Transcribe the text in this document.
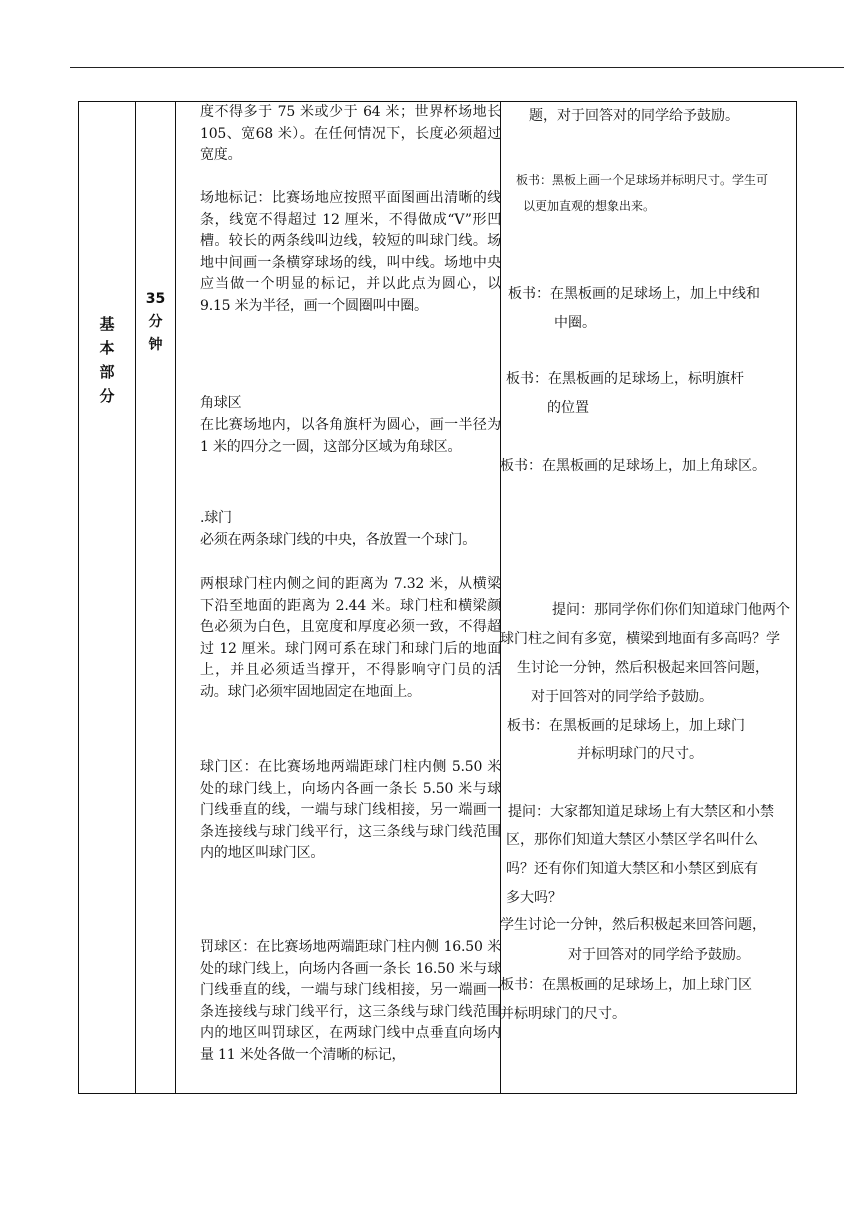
基
本
部
分
35
分
钟
度不得多于 75 米或少于 64 米；世界杯场地长 105、宽68 米）。在任何情况下，长度必须超过宽度。
场地标记：比赛场地应按照平面图画出清晰的线条，线宽不得超过 12 厘米，不得做成“V”形凹槽。较长的两条线叫边线，较短的叫球门线。场地中间画一条横穿球场的线，叫中线。场地中央应当做一个明显的标记，并以此点为圆心，以 9.15 米为半径，画一个圆圈叫中圈。
角球区
在比赛场地内，以各角旗杆为圆心，画一半径为 1 米的四分之一圆，这部分区域为角球区。
.球门
必须在两条球门线的中央，各放置一个球门。
两根球门柱内侧之间的距离为 7.32 米，从横梁下沿至地面的距离为 2.44 米。球门柱和横梁颜色必须为白色，且宽度和厚度必须一致，不得超过 12 厘米。球门网可系在球门和球门后的地面上，并且必须适当撑开，不得影响守门员的活动。球门必须牢固地固定在地面上。
球门区：在比赛场地两端距球门柱内侧 5.50 米处的球门线上，向场内各画一条长 5.50 米与球门线垂直的线，一端与球门线相接，另一端画一条连接线与球门线平行，这三条线与球门线范围内的地区叫球门区。
罚球区：在比赛场地两端距球门柱内侧 16.50 米处的球门线上，向场内各画一条长 16.50 米与球门线垂直的线，一端与球门线相接，另一端画一条连接线与球门线平行，这三条线与球门线范围内的地区叫罚球区，在两球门线中点垂直向场内量 11 米处各做一个清晰的标记，
题，对于回答对的同学给予鼓励。
板书：黑板上画一个足球场并标明尺寸。学生可
以更加直观的想象出来。
板书：在黑板画的足球场上，加上中线和
中圈。
板书：在黑板画的足球场上，标明旗杆
的位置
板书：在黑板画的足球场上，加上角球区。
提问：那同学你们你们知道球门他两个
球门柱之间有多宽，横梁到地面有多高吗？学
生讨论一分钟，然后积极起来回答问题，
对于回答对的同学给予鼓励。
板书：在黑板画的足球场上，加上球门
并标明球门的尺寸。
提问：大家都知道足球场上有大禁区和小禁
区，那你们知道大禁区小禁区学名叫什么
吗？还有你们知道大禁区和小禁区到底有
多大吗？
学生讨论一分钟，然后积极起来回答问题，
对于回答对的同学给予鼓励。
板书：在黑板画的足球场上，加上球门区
并标明球门的尺寸。
